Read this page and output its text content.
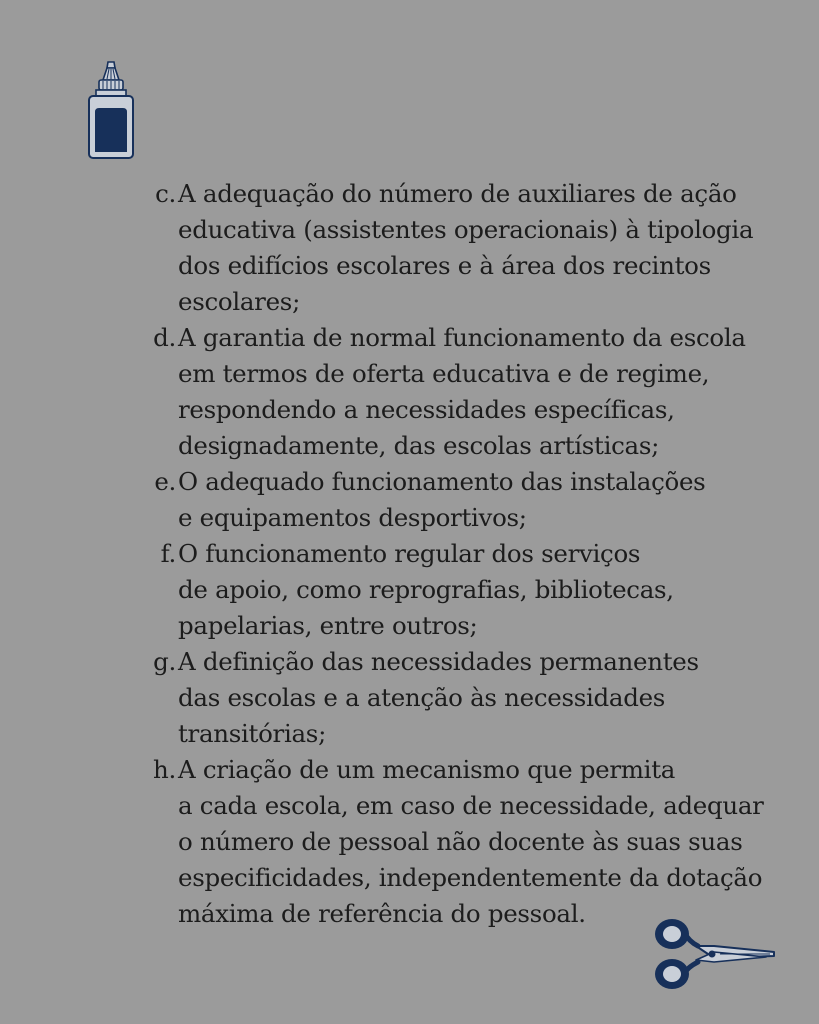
c. A adequação do número de auxiliares de ação
educativa (assistentes operacionais) à tipologia
dos edifícios escolares e à área dos recintos
escolares;
d. A garantia de normal funcionamento da escola
em termos de oferta educativa e de regime,
respondendo a necessidades específicas,
designadamente, das escolas artísticas;
e. O adequado funcionamento das instalações
e equipamentos desportivos;
f. O funcionamento regular dos serviços
de apoio, como reprografias, bibliotecas,
papelarias, entre outros;
g. A definição das necessidades permanentes
das escolas e a atenção às necessidades
transitórias;
h. A criação de um mecanismo que permita
a cada escola, em caso de necessidade, adequar
o número de pessoal não docente às suas suas
especificidades, independentemente da dotação
máxima de referência do pessoal.
